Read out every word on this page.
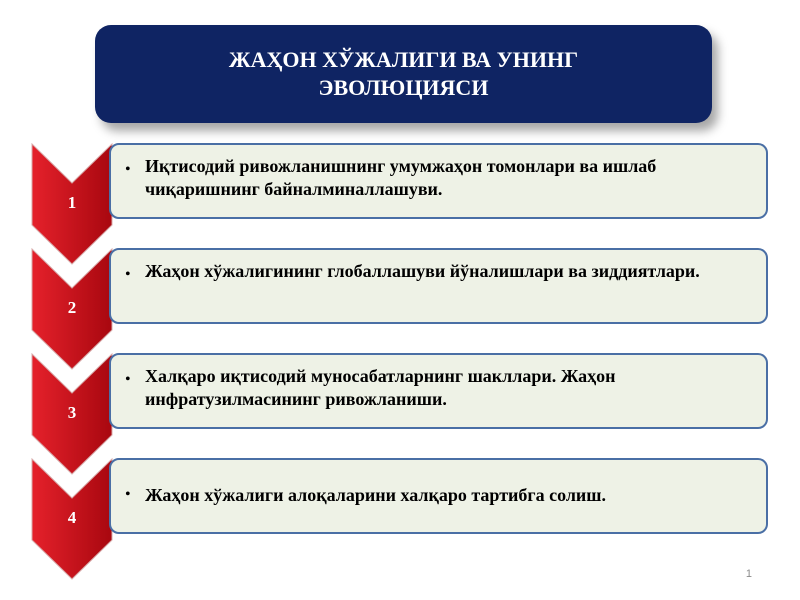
ЖАҲОН ХЎЖАЛИГИ ВА УНИНГ ЭВОЛЮЦИЯСИ
1
• Иқтисодий ривожланишнинг умумжаҳон томонлари ва ишлаб чиқаришнинг байналминаллашуви.
2
• Жаҳон хўжалигининг глобаллашуви йўналишлари ва зиддиятлари.
3
• Халқаро иқтисодий муносабатларнинг шакллари. Жаҳон инфратузилмасининг ривожланиши.
4
• Жаҳон хўжалиги алоқаларини халқаро тартибга солиш.
1
